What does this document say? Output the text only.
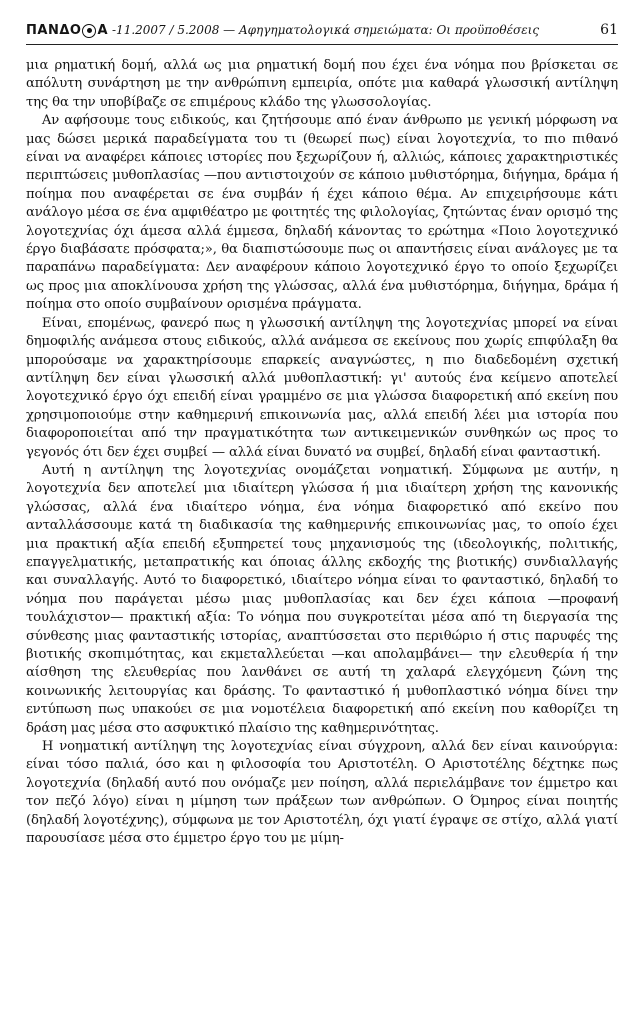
ΠΑΝΔΟ Α -11.2007 / 5.2008 — Αφηγηματολογικά σημειώματα: Οι προϋποθέσεις	61

μια ρηματική δομή, αλλά ως μια ρηματική δομή που έχει ένα νόημα που βρίσκεται σε απόλυτη συνάρτηση με την ανθρώπινη εμπειρία, οπότε μια καθαρά γλωσσική αντίληψη της θα την υποβίβαζε σε επιμέρους κλάδο της γλωσσολογίας.

Αν αφήσουμε τους ειδικούς, και ζητήσουμε από έναν άνθρωπο με γενική μόρφωση να μας δώσει μερικά παραδείγματα του τι (θεωρεί πως) είναι λογοτεχνία, το πιο πιθανό είναι να αναφέρει κάποιες ιστορίες που ξεχωρίζουν ή, αλλιώς, κάποιες χαρακτηριστικές περιπτώσεις μυθοπλασίας —που αντιστοιχούν σε κάποιο μυθιστόρημα, διήγημα, δράμα ή ποίημα που αναφέρεται σε ένα συμβάν ή έχει κάποιο θέμα. Αν επιχειρήσουμε κάτι ανάλογο μέσα σε ένα αμφιθέατρο με φοιτητές της φιλολογίας, ζητώντας έναν ορισμό της λογοτεχνίας όχι άμεσα αλλά έμμεσα, δηλαδή κάνοντας το ερώτημα «Ποιο λογοτεχνικό έργο διαβάσατε πρόσφατα;», θα διαπιστώσουμε πως οι απαντήσεις είναι ανάλογες με τα παραπάνω παραδείγματα: Δεν αναφέρουν κάποιο λογοτεχνικό έργο το οποίο ξεχωρίζει ως προς μια αποκλίνουσα χρήση της γλώσσας, αλλά ένα μυθιστόρημα, διήγημα, δράμα ή ποίημα στο οποίο συμβαίνουν ορισμένα πράγματα.

Είναι, επομένως, φανερό πως η γλωσσική αντίληψη της λογοτεχνίας μπορεί να είναι δημοφιλής ανάμεσα στους ειδικούς, αλλά ανάμεσα σε εκείνους που χωρίς επιφύλαξη θα μπορούσαμε να χαρακτηρίσουμε επαρκείς αναγνώστες, η πιο διαδεδομένη σχετική αντίληψη δεν είναι γλωσσική αλλά μυθοπλαστική: γι' αυτούς ένα κείμενο αποτελεί λογοτεχνικό έργο όχι επειδή είναι γραμμένο σε μια γλώσσα διαφορετική από εκείνη που χρησιμοποιούμε στην καθημερινή επικοινωνία μας, αλλά επειδή λέει μια ιστορία που διαφοροποιείται από την πραγματικότητα των αντικειμενικών συνθηκών ως προς το γεγονός ότι δεν έχει συμβεί — αλλά είναι δυνατό να συμβεί, δηλαδή είναι φανταστική.

Αυτή η αντίληψη της λογοτεχνίας ονομάζεται νοηματική. Σύμφωνα με αυτήν, η λογοτεχνία δεν αποτελεί μια ιδιαίτερη γλώσσα ή μια ιδιαίτερη χρήση της κανονικής γλώσσας, αλλά ένα ιδιαίτερο νόημα, ένα νόημα διαφορετικό από εκείνο που ανταλλάσσουμε κατά τη διαδικασία της καθημερινής επικοινωνίας μας, το οποίο έχει μια πρακτική αξία επειδή εξυπηρετεί τους μηχανισμούς της (ιδεολογικής, πολιτικής, επαγγελματικής, μεταπρατικής και όποιας άλλης εκδοχής της βιοτικής) συνδιαλλαγής και συναλλαγής. Αυτό το διαφορετικό, ιδιαίτερο νόημα είναι το φανταστικό, δηλαδή το νόημα που παράγεται μέσω μιας μυθοπλασίας και δεν έχει κάποια —προφανή τουλάχιστον— πρακτική αξία: Το νόημα που συγκροτείται μέσα από τη διεργασία της σύνθεσης μιας φανταστικής ιστορίας, αναπτύσσεται στο περιθώριο ή στις παρυφές της βιοτικής σκοπιμότητας, και εκμεταλλεύεται —και απολαμβάνει— την ελευθερία ή την αίσθηση της ελευθερίας που λανθάνει σε αυτή τη χαλαρά ελεγχόμενη ζώνη της κοινωνικής λειτουργίας και δράσης. Το φανταστικό ή μυθοπλαστικό νόημα δίνει την εντύπωση πως υπακούει σε μια νομοτέλεια διαφορετική από εκείνη που καθορίζει τη δράση μας μέσα στο ασφυκτικό πλαίσιο της καθημερινότητας.

Η νοηματική αντίληψη της λογοτεχνίας είναι σύγχρονη, αλλά δεν είναι καινούργια: είναι τόσο παλιά, όσο και η φιλοσοφία του Αριστοτέλη. Ο Αριστοτέλης δέχτηκε πως λογοτεχνία (δηλαδή αυτό που ονόμαζε μεν ποίηση, αλλά περιελάμβανε τον έμμετρο και τον πεζό λόγο) είναι η μίμηση των πράξεων των ανθρώπων. Ο Όμηρος είναι ποιητής (δηλαδή λογοτέχνης), σύμφωνα με τον Αριστοτέλη, όχι γιατί έγραψε σε στίχο, αλλά γιατί παρουσίασε μέσα στο έμμετρο έργο του με μίμη-
